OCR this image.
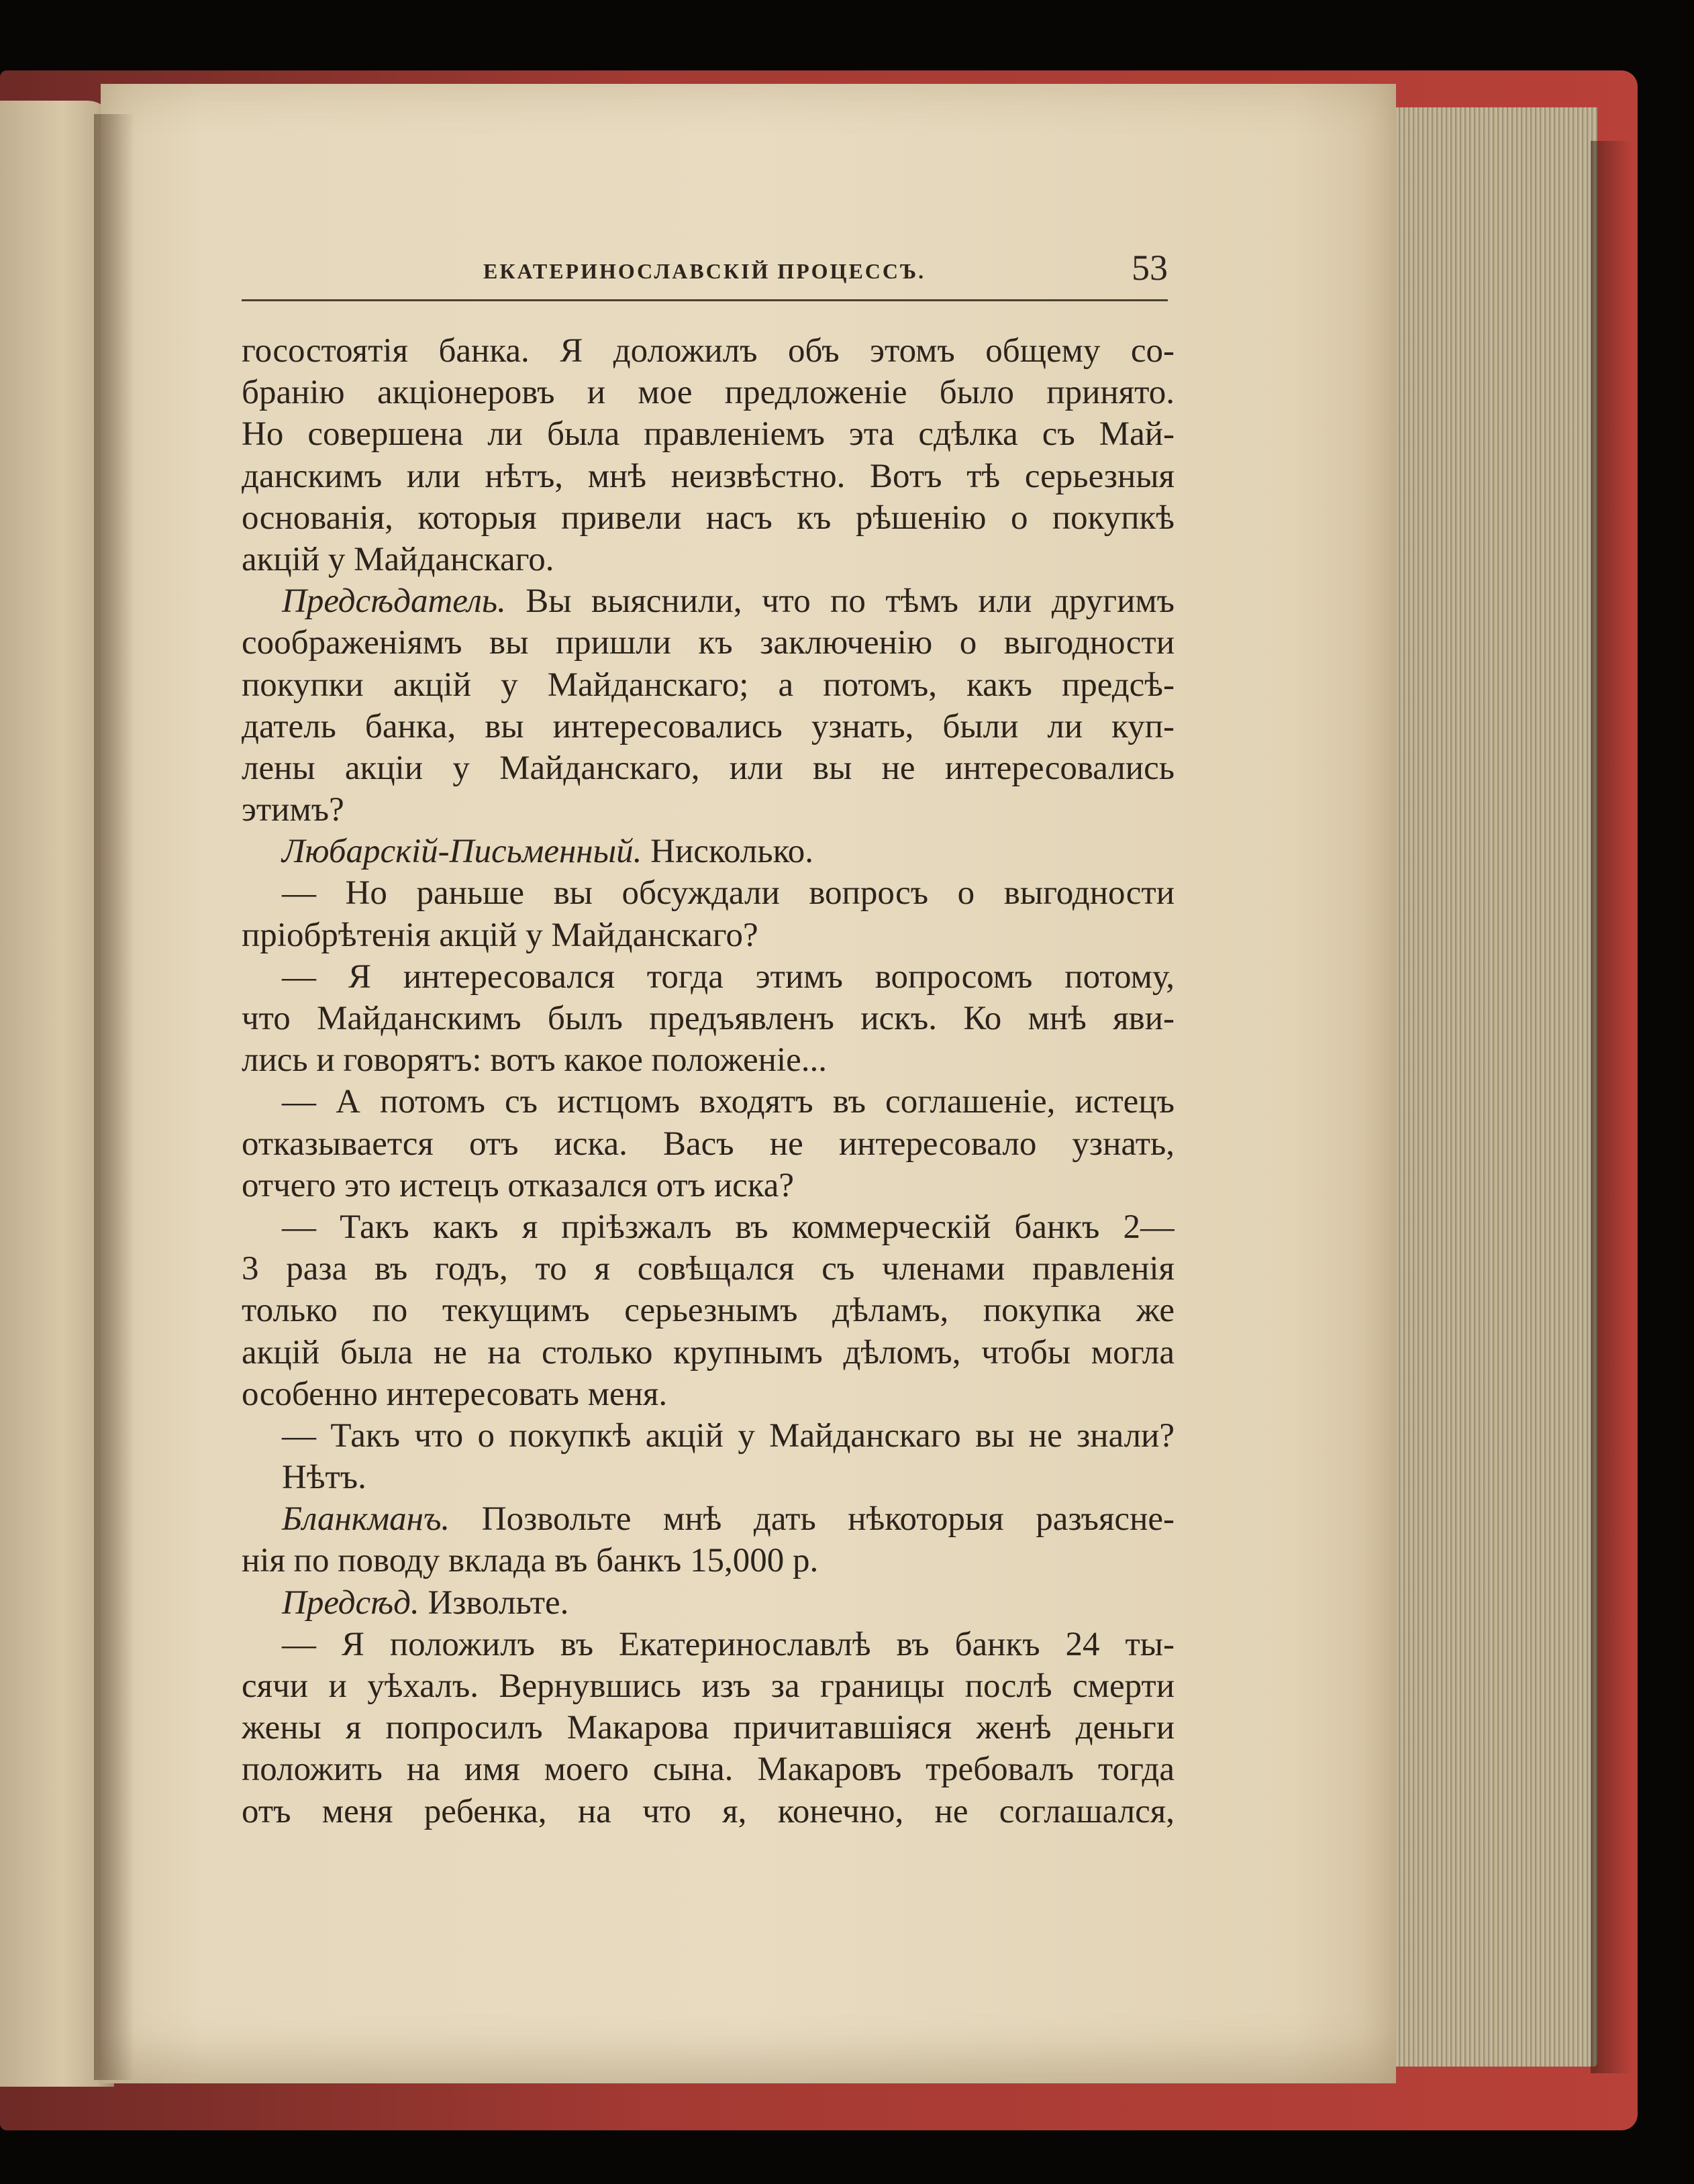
ЕКАТЕРИНОСЛАВСКІЙ ПРОЦЕССЪ.	53
госостоятія банка. Я доложилъ объ этомъ общему со-
бранію акціонеровъ и мое предложеніе было принято.
Но совершена ли была правленіемъ эта сдѣлка съ Май-
данскимъ или нѣтъ, мнѣ неизвѣстно. Вотъ тѣ серьезныя
основанія, которыя привели насъ къ рѣшенію о покупкѣ
акцій у Майданскаго.
Предсѣдатель. Вы выяснили, что по тѣмъ или другимъ
соображеніямъ вы пришли къ заключенію о выгодности
покупки акцій у Майданскаго; а потомъ, какъ предсѣ-
датель банка, вы интересовались узнать, были ли куп-
лены акціи у Майданскаго, или вы не интересовались
этимъ?
Любарскій-Письменный. Нисколько.
— Но раньше вы обсуждали вопросъ о выгодности
пріобрѣтенія акцій у Майданскаго?
— Я интересовался тогда этимъ вопросомъ потому,
что Майданскимъ былъ предъявленъ искъ. Ко мнѣ яви-
лись и говорятъ: вотъ какое положеніе...
— А потомъ съ истцомъ входятъ въ соглашеніе, истецъ
отказывается отъ иска. Васъ не интересовало узнать,
отчего это истецъ отказался отъ иска?
— Такъ какъ я пріѣзжалъ въ коммерческій банкъ 2—
3 раза въ годъ, то я совѣщался съ членами правленія
только по текущимъ серьезнымъ дѣламъ, покупка же
акцій была не на столько крупнымъ дѣломъ, чтобы могла
особенно интересовать меня.
— Такъ что о покупкѣ акцій у Майданскаго вы не знали?
Нѣтъ.
Бланкманъ. Позвольте мнѣ дать нѣкоторыя разъясне-
нія по поводу вклада въ банкъ 15,000 р.
Предсѣд. Извольте.
— Я положилъ въ Екатеринославлѣ въ банкъ 24 ты-
сячи и уѣхалъ. Вернувшись изъ за границы послѣ смерти
жены я попросилъ Макарова причитавшіяся женѣ деньги
положить на имя моего сына. Макаровъ требовалъ тогда
отъ меня ребенка, на что я, конечно, не соглашался,
